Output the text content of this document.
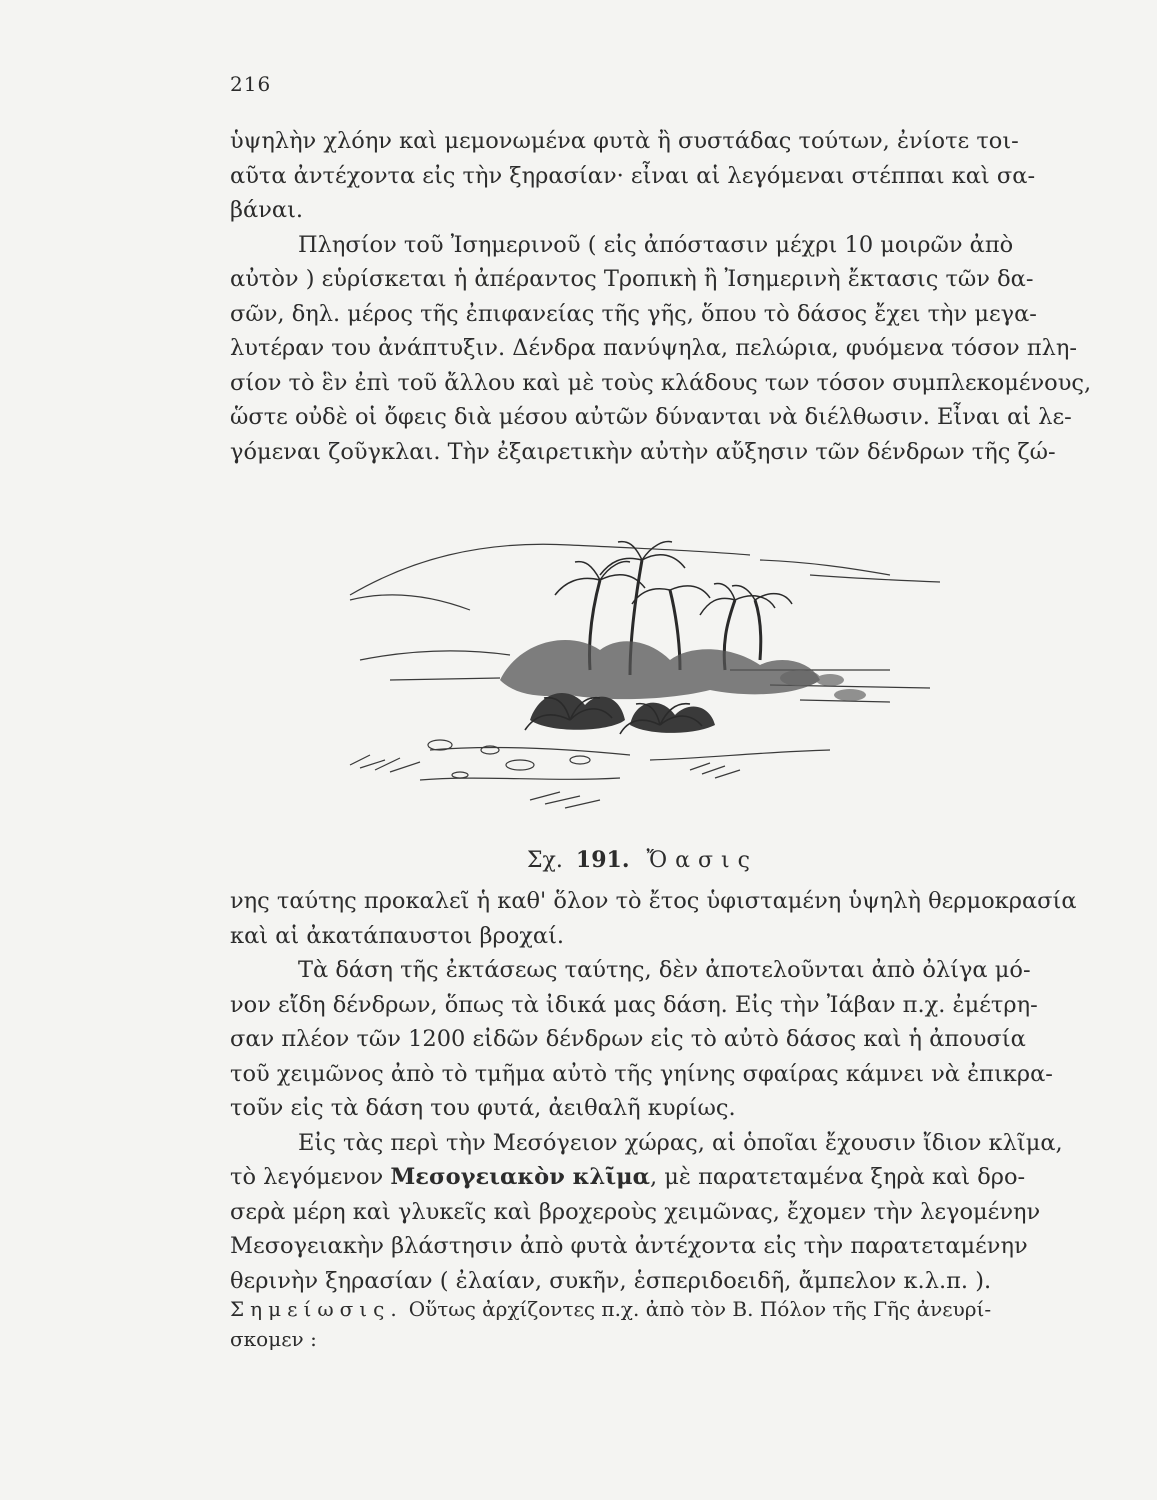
216

ὑψηλὴν χλόην καὶ μεμονωμένα φυτὰ ἢ συστάδας τούτων, ἐνίοτε τοι-
αῦτα ἀντέχοντα εἰς τὴν ξηρασίαν· εἶναι αἱ λεγόμεναι στέππαι καὶ σα-
βάναι.

Πλησίον τοῦ Ἰσημερινοῦ ( εἰς ἀπόστασιν μέχρι 10 μοιρῶν ἀπὸ
αὐτὸν ) εὑρίσκεται ἡ ἀπέραντος Τροπικὴ ἢ Ἰσημερινὴ ἔκτασις τῶν δα-
σῶν, δηλ. μέρος τῆς ἐπιφανείας τῆς γῆς, ὅπου τὸ δάσος ἔχει τὴν μεγα-
λυτέραν του ἀνάπτυξιν. Δένδρα πανύψηλα, πελώρια, φυόμενα τόσον πλη-
σίον τὸ ἓν ἐπὶ τοῦ ἄλλου καὶ μὲ τοὺς κλάδους των τόσον συμπλεκομένους,
ὥστε οὐδὲ οἱ ὄφεις διὰ μέσου αὐτῶν δύνανται νὰ διέλθωσιν. Εἶναι αἱ λε-
γόμεναι ζοῦγκλαι. Τὴν ἐξαιρετικὴν αὐτὴν αὔξησιν τῶν δένδρων τῆς ζώ-

Σχ. 191. Ὄασις

νης ταύτης προκαλεῖ ἡ καθ' ὅλον τὸ ἔτος ὑφισταμένη ὑψηλὴ θερμοκρασία
καὶ αἱ ἀκατάπαυστοι βροχαί.

Τὰ δάση τῆς ἐκτάσεως ταύτης, δὲν ἀποτελοῦνται ἀπὸ ὀλίγα μό-
νον εἴδη δένδρων, ὅπως τὰ ἰδικά μας δάση. Εἰς τὴν Ἰάβαν π.χ. ἐμέτρη-
σαν πλέον τῶν 1200 εἰδῶν δένδρων εἰς τὸ αὐτὸ δάσος καὶ ἡ ἀπουσία
τοῦ χειμῶνος ἀπὸ τὸ τμῆμα αὐτὸ τῆς γηίνης σφαίρας κάμνει νὰ ἐπικρα-
τοῦν εἰς τὰ δάση του φυτά, ἀειθαλῆ κυρίως.

Εἰς τὰς περὶ τὴν Μεσόγειον χώρας, αἱ ὁποῖαι ἔχουσιν ἴδιον κλῖμα,
τὸ λεγόμενον Μεσογειακὸν κλῖμα, μὲ παρατεταμένα ξηρὰ καὶ δρο-
σερὰ μέρη καὶ γλυκεῖς καὶ βροχεροὺς χειμῶνας, ἔχομεν τὴν λεγομένην
Μεσογειακὴν βλάστησιν ἀπὸ φυτὰ ἀντέχοντα εἰς τὴν παρατεταμένην
θερινὴν ξηρασίαν ( ἐλαίαν, συκῆν, ἑσπεριδοειδῆ, ἄμπελον κ.λ.π. ).

Σημείωσις. Οὕτως ἀρχίζοντες π.χ. ἀπὸ τὸν Β. Πόλον τῆς Γῆς ἀνευρί-
σκομεν :
